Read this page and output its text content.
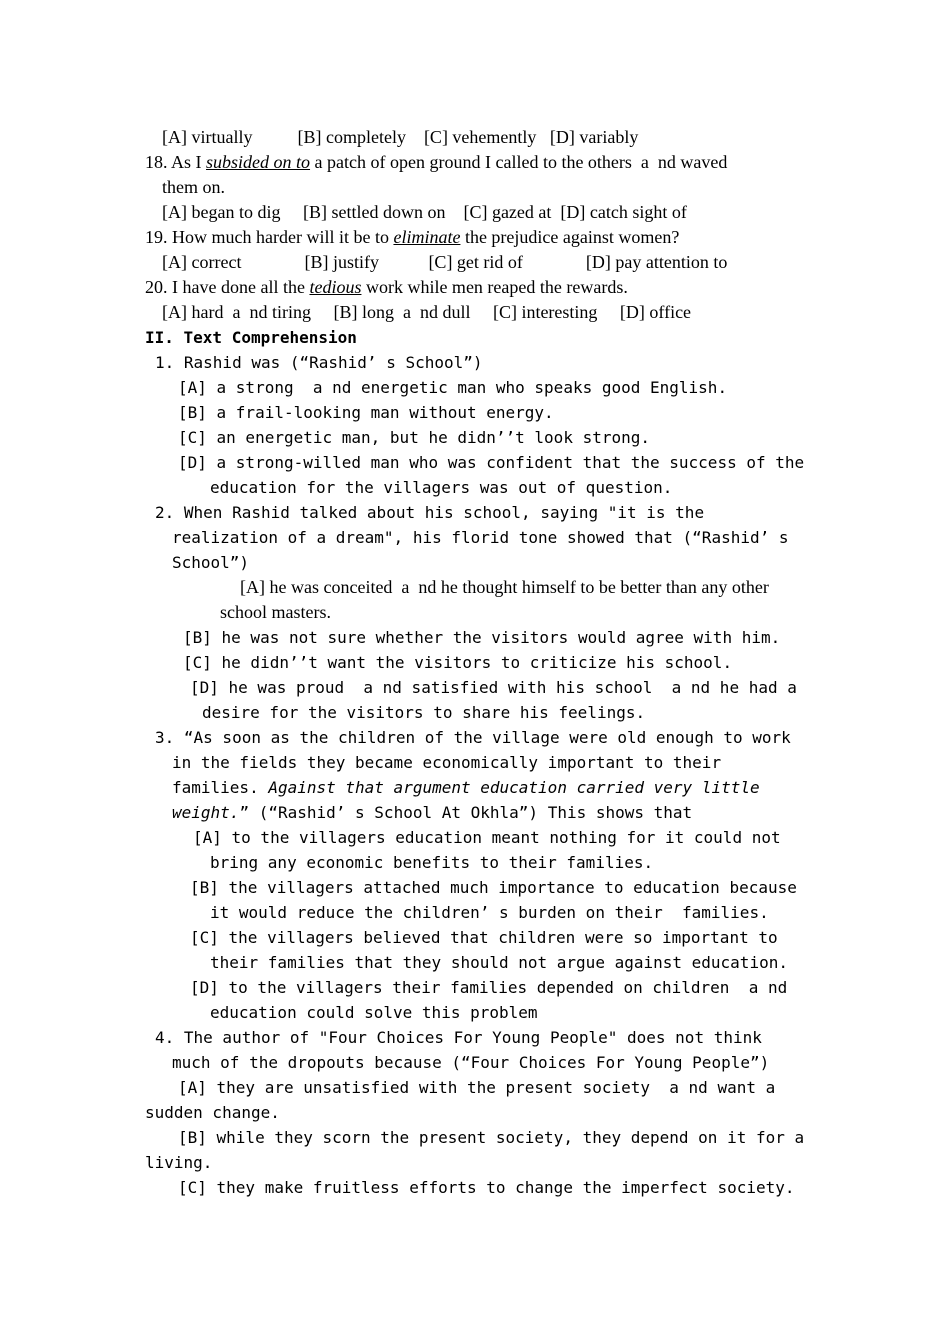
[A] virtually          [B] completely    [C] vehemently   [D] variably
18. As I subsided on to a patch of open ground I called to the others  a  nd waved
them on.
[A] began to dig     [B] settled down on    [C] gazed at  [D] catch sight of
19. How much harder will it be to eliminate the prejudice against women?
[A] correct              [B] justify           [C] get rid of              [D] pay attention to
20. I have done all the tedious work while men reaped the rewards.
[A] hard  a  nd tiring     [B] long  a  nd dull     [C] interesting     [D] office
II. Text Comprehension
1. Rashid was (“Rashid’ s School”)
[A] a strong  a nd energetic man who speaks good English.
[B] a frail-looking man without energy.
[C] an energetic man, but he didn’’t look strong.
[D] a strong-willed man who was confident that the success of the
education for the villagers was out of question.
2. When Rashid talked about his school, saying "it is the
realization of a dream", his florid tone showed that (“Rashid’ s
School”)
[A] he was conceited  a  nd he thought himself to be better than any other
school masters.
[B] he was not sure whether the visitors would agree with him.
[C] he didn’’t want the visitors to criticize his school.
[D] he was proud  a nd satisfied with his school  a nd he had a
desire for the visitors to share his feelings.
3. “As soon as the children of the village were old enough to work
in the fields they became economically important to their
families. Against that argument education carried very little
weight.” (“Rashid’ s School At Okhla”) This shows that
[A] to the villagers education meant nothing for it could not
bring any economic benefits to their families.
[B] the villagers attached much importance to education because
it would reduce the children’ s burden on their  families.
[C] the villagers believed that children were so important to
their families that they should not argue against education.
[D] to the villagers their families depended on children  a nd
education could solve this problem
4. The author of "Four Choices For Young People" does not think
much of the dropouts because (“Four Choices For Young People”)
[A] they are unsatisfied with the present society  a nd want a
sudden change.
[B] while they scorn the present society, they depend on it for a
living.
[C] they make fruitless efforts to change the imperfect society.
